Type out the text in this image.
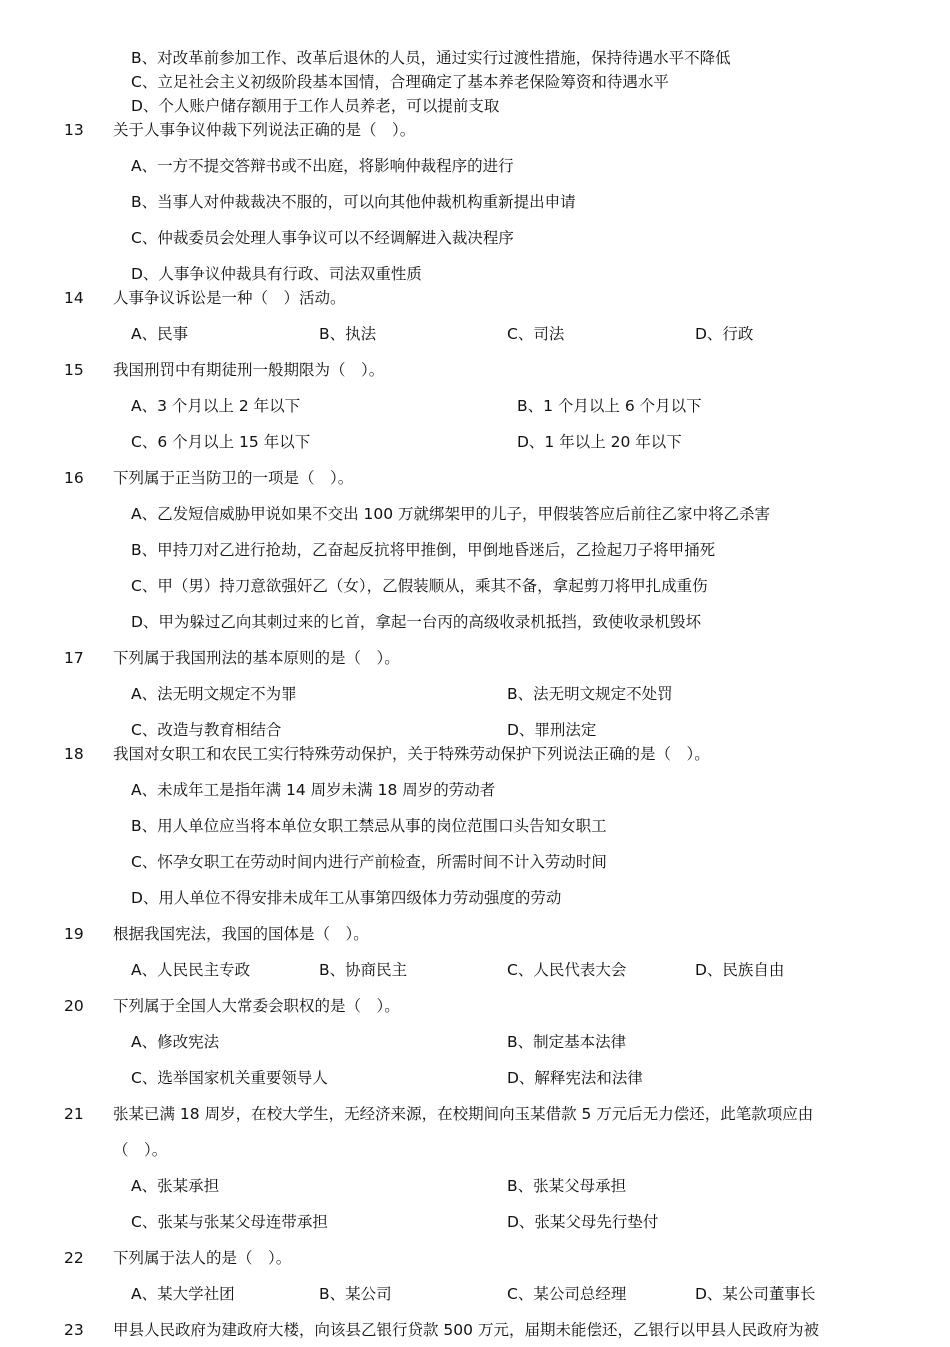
B、对改革前参加工作、改革后退休的人员，通过实行过渡性措施，保持待遇水平不降低
C、立足社会主义初级阶段基本国情，合理确定了基本养老保险筹资和待遇水平
D、个人账户储存额用于工作人员养老，可以提前支取
13	关于人事争议仲裁下列说法正确的是（　）。
A、一方不提交答辩书或不出庭，将影响仲裁程序的进行
B、当事人对仲裁裁决不服的，可以向其他仲裁机构重新提出申请
C、仲裁委员会处理人事争议可以不经调解进入裁决程序
D、人事争议仲裁具有行政、司法双重性质
14	人事争议诉讼是一种（　）活动。
A、民事	B、执法	C、司法	D、行政
15	我国刑罚中有期徒刑一般期限为（　）。
A、3 个月以上 2 年以下	B、1 个月以上 6 个月以下
C、6 个月以上 15 年以下	D、1 年以上 20 年以下
16	下列属于正当防卫的一项是（　）。
A、乙发短信威胁甲说如果不交出 100 万就绑架甲的儿子，甲假装答应后前往乙家中将乙杀害
B、甲持刀对乙进行抢劫，乙奋起反抗将甲推倒，甲倒地昏迷后，乙捡起刀子将甲捅死
C、甲（男）持刀意欲强奸乙（女），乙假装顺从，乘其不备，拿起剪刀将甲扎成重伤
D、甲为躲过乙向其刺过来的匕首，拿起一台丙的高级收录机抵挡，致使收录机毁坏
17	下列属于我国刑法的基本原则的是（　）。
A、法无明文规定不为罪	B、法无明文规定不处罚
C、改造与教育相结合	D、罪刑法定
18	我国对女职工和农民工实行特殊劳动保护，关于特殊劳动保护下列说法正确的是（　）。
A、未成年工是指年满 14 周岁未满 18 周岁的劳动者
B、用人单位应当将本单位女职工禁忌从事的岗位范围口头告知女职工
C、怀孕女职工在劳动时间内进行产前检查，所需时间不计入劳动时间
D、用人单位不得安排未成年工从事第四级体力劳动强度的劳动
19	根据我国宪法，我国的国体是（　）。
A、人民民主专政	B、协商民主	C、人民代表大会	D、民族自由
20	下列属于全国人大常委会职权的是（　）。
A、修改宪法	B、制定基本法律
C、选举国家机关重要领导人	D、解释宪法和法律
21	张某已满 18 周岁，在校大学生，无经济来源，在校期间向玉某借款 5 万元后无力偿还，此笔款项应由
（　）。
A、张某承担	B、张某父母承担
C、张某与张某父母连带承担	D、张某父母先行垫付
22	下列属于法人的是（　）。
A、某大学社团	B、某公司	C、某公司总经理	D、某公司董事长
23	甲县人民政府为建政府大楼，向该县乙银行贷款 500 万元，届期未能偿还，乙银行以甲县人民政府为被
